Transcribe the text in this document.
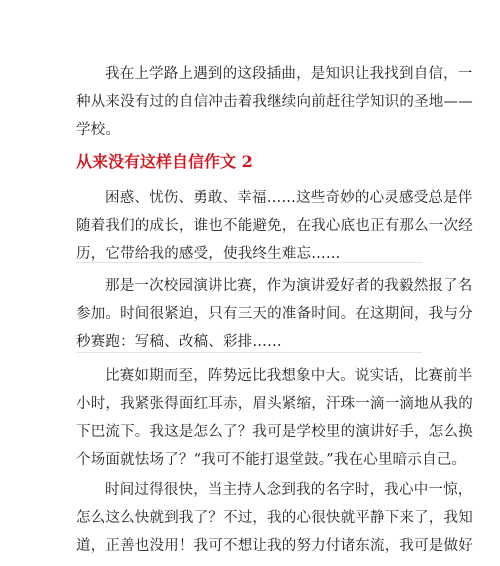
我在上学路上遇到的这段插曲，是知识让我找到自信，一
种从来没有过的自信冲击着我继续向前赶往学知识的圣地——
学校。

从来没有这样自信作文 2

困惑、忧伤、勇敢、幸福……这些奇妙的心灵感受总是伴
随着我们的成长，谁也不能避免，在我心底也正有那么一次经
历，它带给我的感受，使我终生难忘……

那是一次校园演讲比赛，作为演讲爱好者的我毅然报了名
参加。时间很紧迫，只有三天的准备时间。在这期间，我与分
秒赛跑：写稿、改稿、彩排……

比赛如期而至，阵势远比我想象中大。说实话，比赛前半
小时，我紧张得面红耳赤，眉头紧缩，汗珠一滴一滴地从我的
下巴流下。我这是怎么了？我可是学校里的演讲好手，怎么换
个场面就怯场了？“我可不能打退堂鼓。”我在心里暗示自己。

时间过得很快，当主持人念到我的名字时，我心中一惊，
怎么这么快就到我了？不过，我的心很快就平静下来了，我知
道，正善也没用！我可不想让我的努力付诸东流，我可是做好
